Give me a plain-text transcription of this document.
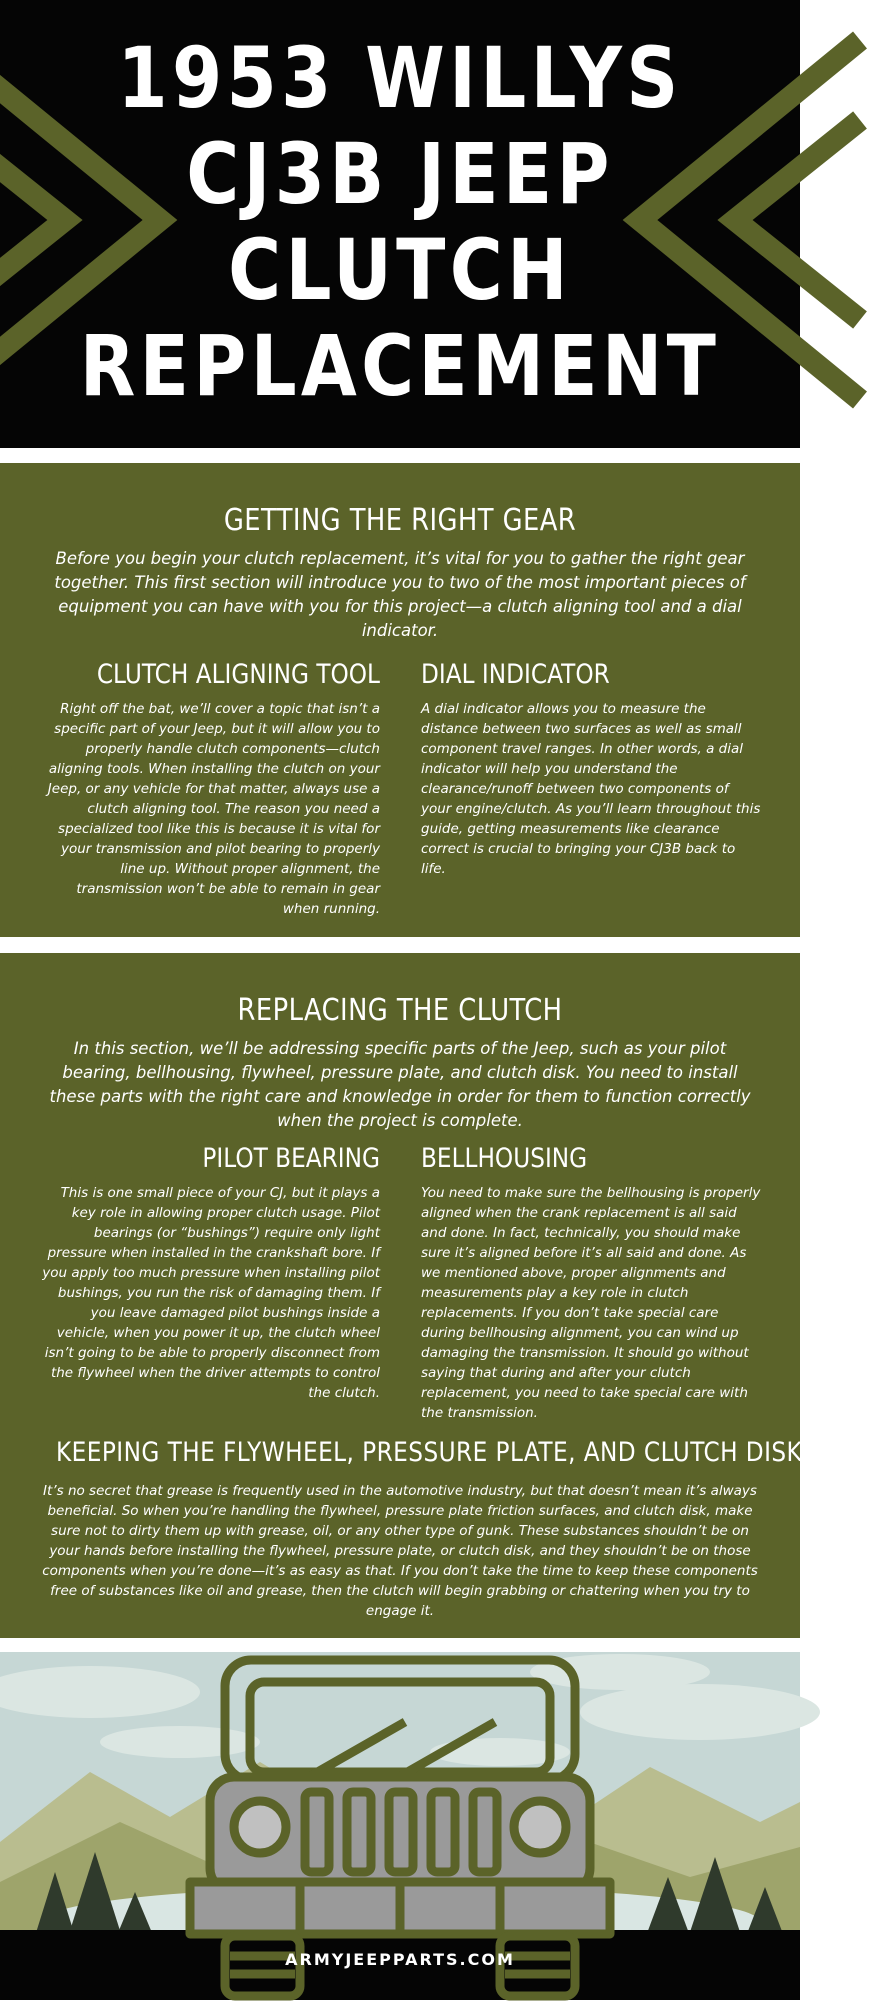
1953 WILLYS
CJ3B JEEP
CLUTCH
REPLACEMENT
GETTING THE RIGHT GEAR
Before you begin your clutch replacement, it’s vital for you to gather the right gear together. This first section will introduce you to two of the most important pieces of equipment you can have with you for this project—a clutch aligning tool and a dial indicator.
CLUTCH ALIGNING TOOL
Right off the bat, we’ll cover a topic that isn’t a specific part of your Jeep, but it will allow you to properly handle clutch components—clutch aligning tools. When installing the clutch on your Jeep, or any vehicle for that matter, always use a clutch aligning tool. The reason you need a specialized tool like this is because it is vital for your transmission and pilot bearing to properly line up. Without proper alignment, the transmission won’t be able to remain in gear when running.
DIAL INDICATOR
A dial indicator allows you to measure the distance between two surfaces as well as small component travel ranges. In other words, a dial indicator will help you understand the clearance/runoff between two components of your engine/clutch. As you’ll learn throughout this guide, getting measurements like clearance correct is crucial to bringing your CJ3B back to life.
REPLACING THE CLUTCH
In this section, we’ll be addressing specific parts of the Jeep, such as your pilot bearing, bellhousing, flywheel, pressure plate, and clutch disk. You need to install these parts with the right care and knowledge in order for them to function correctly when the project is complete.
PILOT BEARING
This is one small piece of your CJ, but it plays a key role in allowing proper clutch usage. Pilot bearings (or “bushings”) require only light pressure when installed in the crankshaft bore. If you apply too much pressure when installing pilot bushings, you run the risk of damaging them. If you leave damaged pilot bushings inside a vehicle, when you power it up, the clutch wheel isn’t going to be able to properly disconnect from the flywheel when the driver attempts to control the clutch.
BELLHOUSING
You need to make sure the bellhousing is properly aligned when the crank replacement is all said and done. In fact, technically, you should make sure it’s aligned before it’s all said and done. As we mentioned above, proper alignments and measurements play a key role in clutch replacements. If you don’t take special care during bellhousing alignment, you can wind up damaging the transmission. It should go without saying that during and after your clutch replacement, you need to take special care with the transmission.
KEEPING THE FLYWHEEL, PRESSURE PLATE, AND CLUTCH DISK CLEAN
It’s no secret that grease is frequently used in the automotive industry, but that doesn’t mean it’s always beneficial. So when you’re handling the flywheel, pressure plate friction surfaces, and clutch disk, make sure not to dirty them up with grease, oil, or any other type of gunk. These substances shouldn’t be on your hands before installing the flywheel, pressure plate, or clutch disk, and they shouldn’t be on those components when you’re done—it’s as easy as that. If you don’t take the time to keep these components free of substances like oil and grease, then the clutch will begin grabbing or chattering when you try to engage it.
ARMYJEEPPARTS.COM
